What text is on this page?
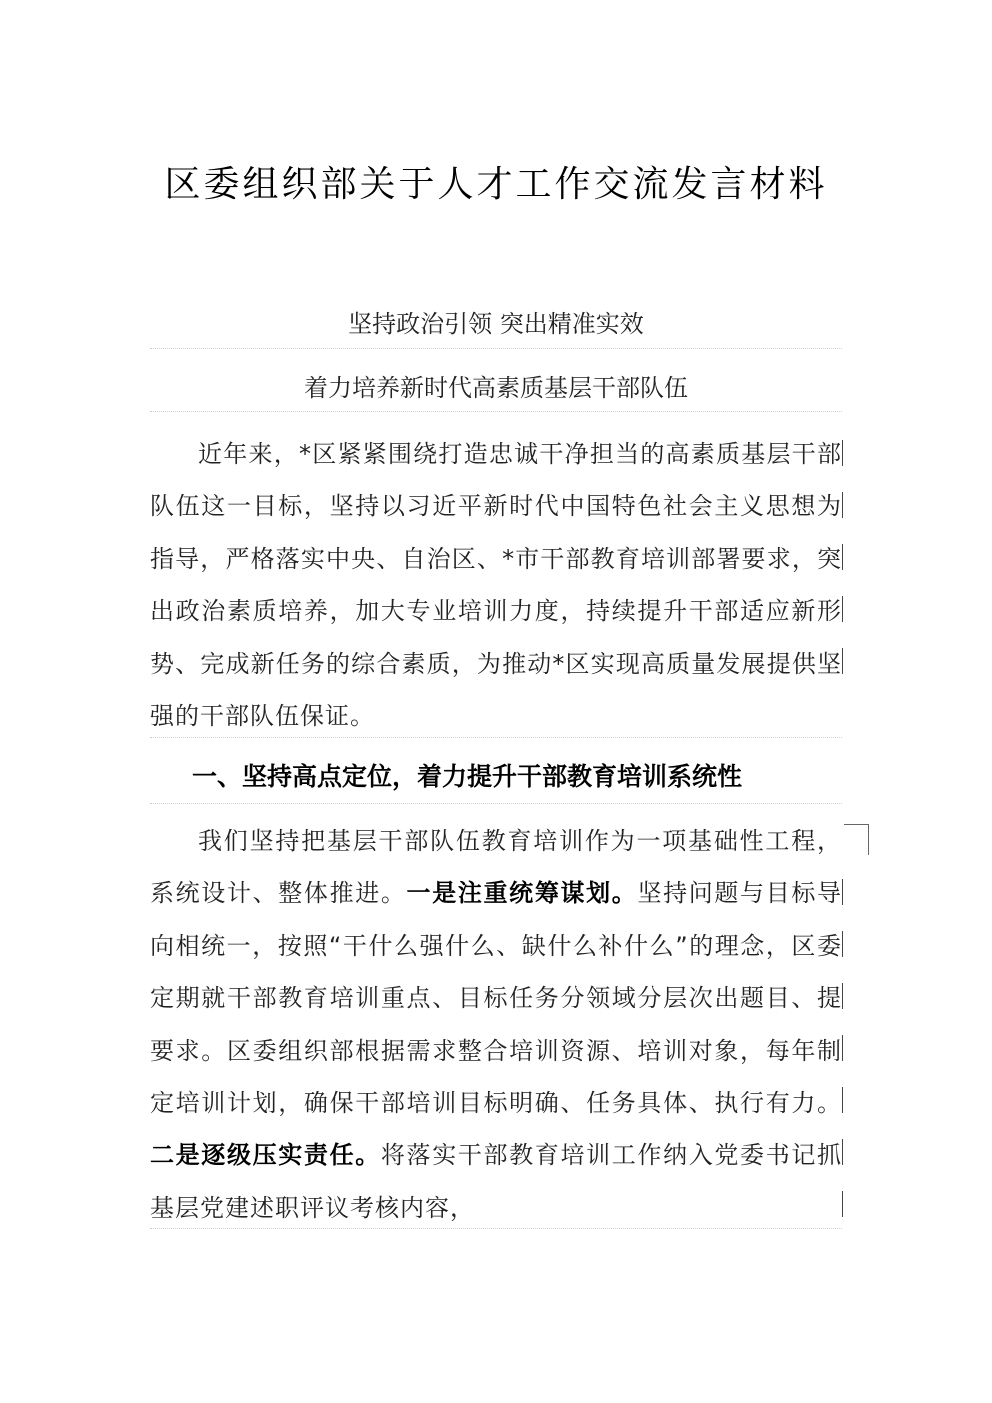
区委组织部关于人才工作交流发言材料

坚持政治引领 突出精准实效

着力培养新时代高素质基层干部队伍

近年来，*区紧紧围绕打造忠诚干净担当的高素质基层干部队伍这一目标，坚持以习近平新时代中国特色社会主义思想为指导，严格落实中央、自治区、*市干部教育培训部署要求，突出政治素质培养，加大专业培训力度，持续提升干部适应新形势、完成新任务的综合素质，为推动*区实现高质量发展提供坚强的干部队伍保证。

一、坚持高点定位，着力提升干部教育培训系统性

我们坚持把基层干部队伍教育培训作为一项基础性工程，系统设计、整体推进。一是注重统筹谋划。坚持问题与目标导向相统一，按照“干什么强什么、缺什么补什么”的理念，区委定期就干部教育培训重点、目标任务分领域分层次出题目、提要求。区委组织部根据需求整合培训资源、培训对象，每年制定培训计划，确保干部培训目标明确、任务具体、执行有力。二是逐级压实责任。将落实干部教育培训工作纳入党委书记抓基层党建述职评议考核内容，
